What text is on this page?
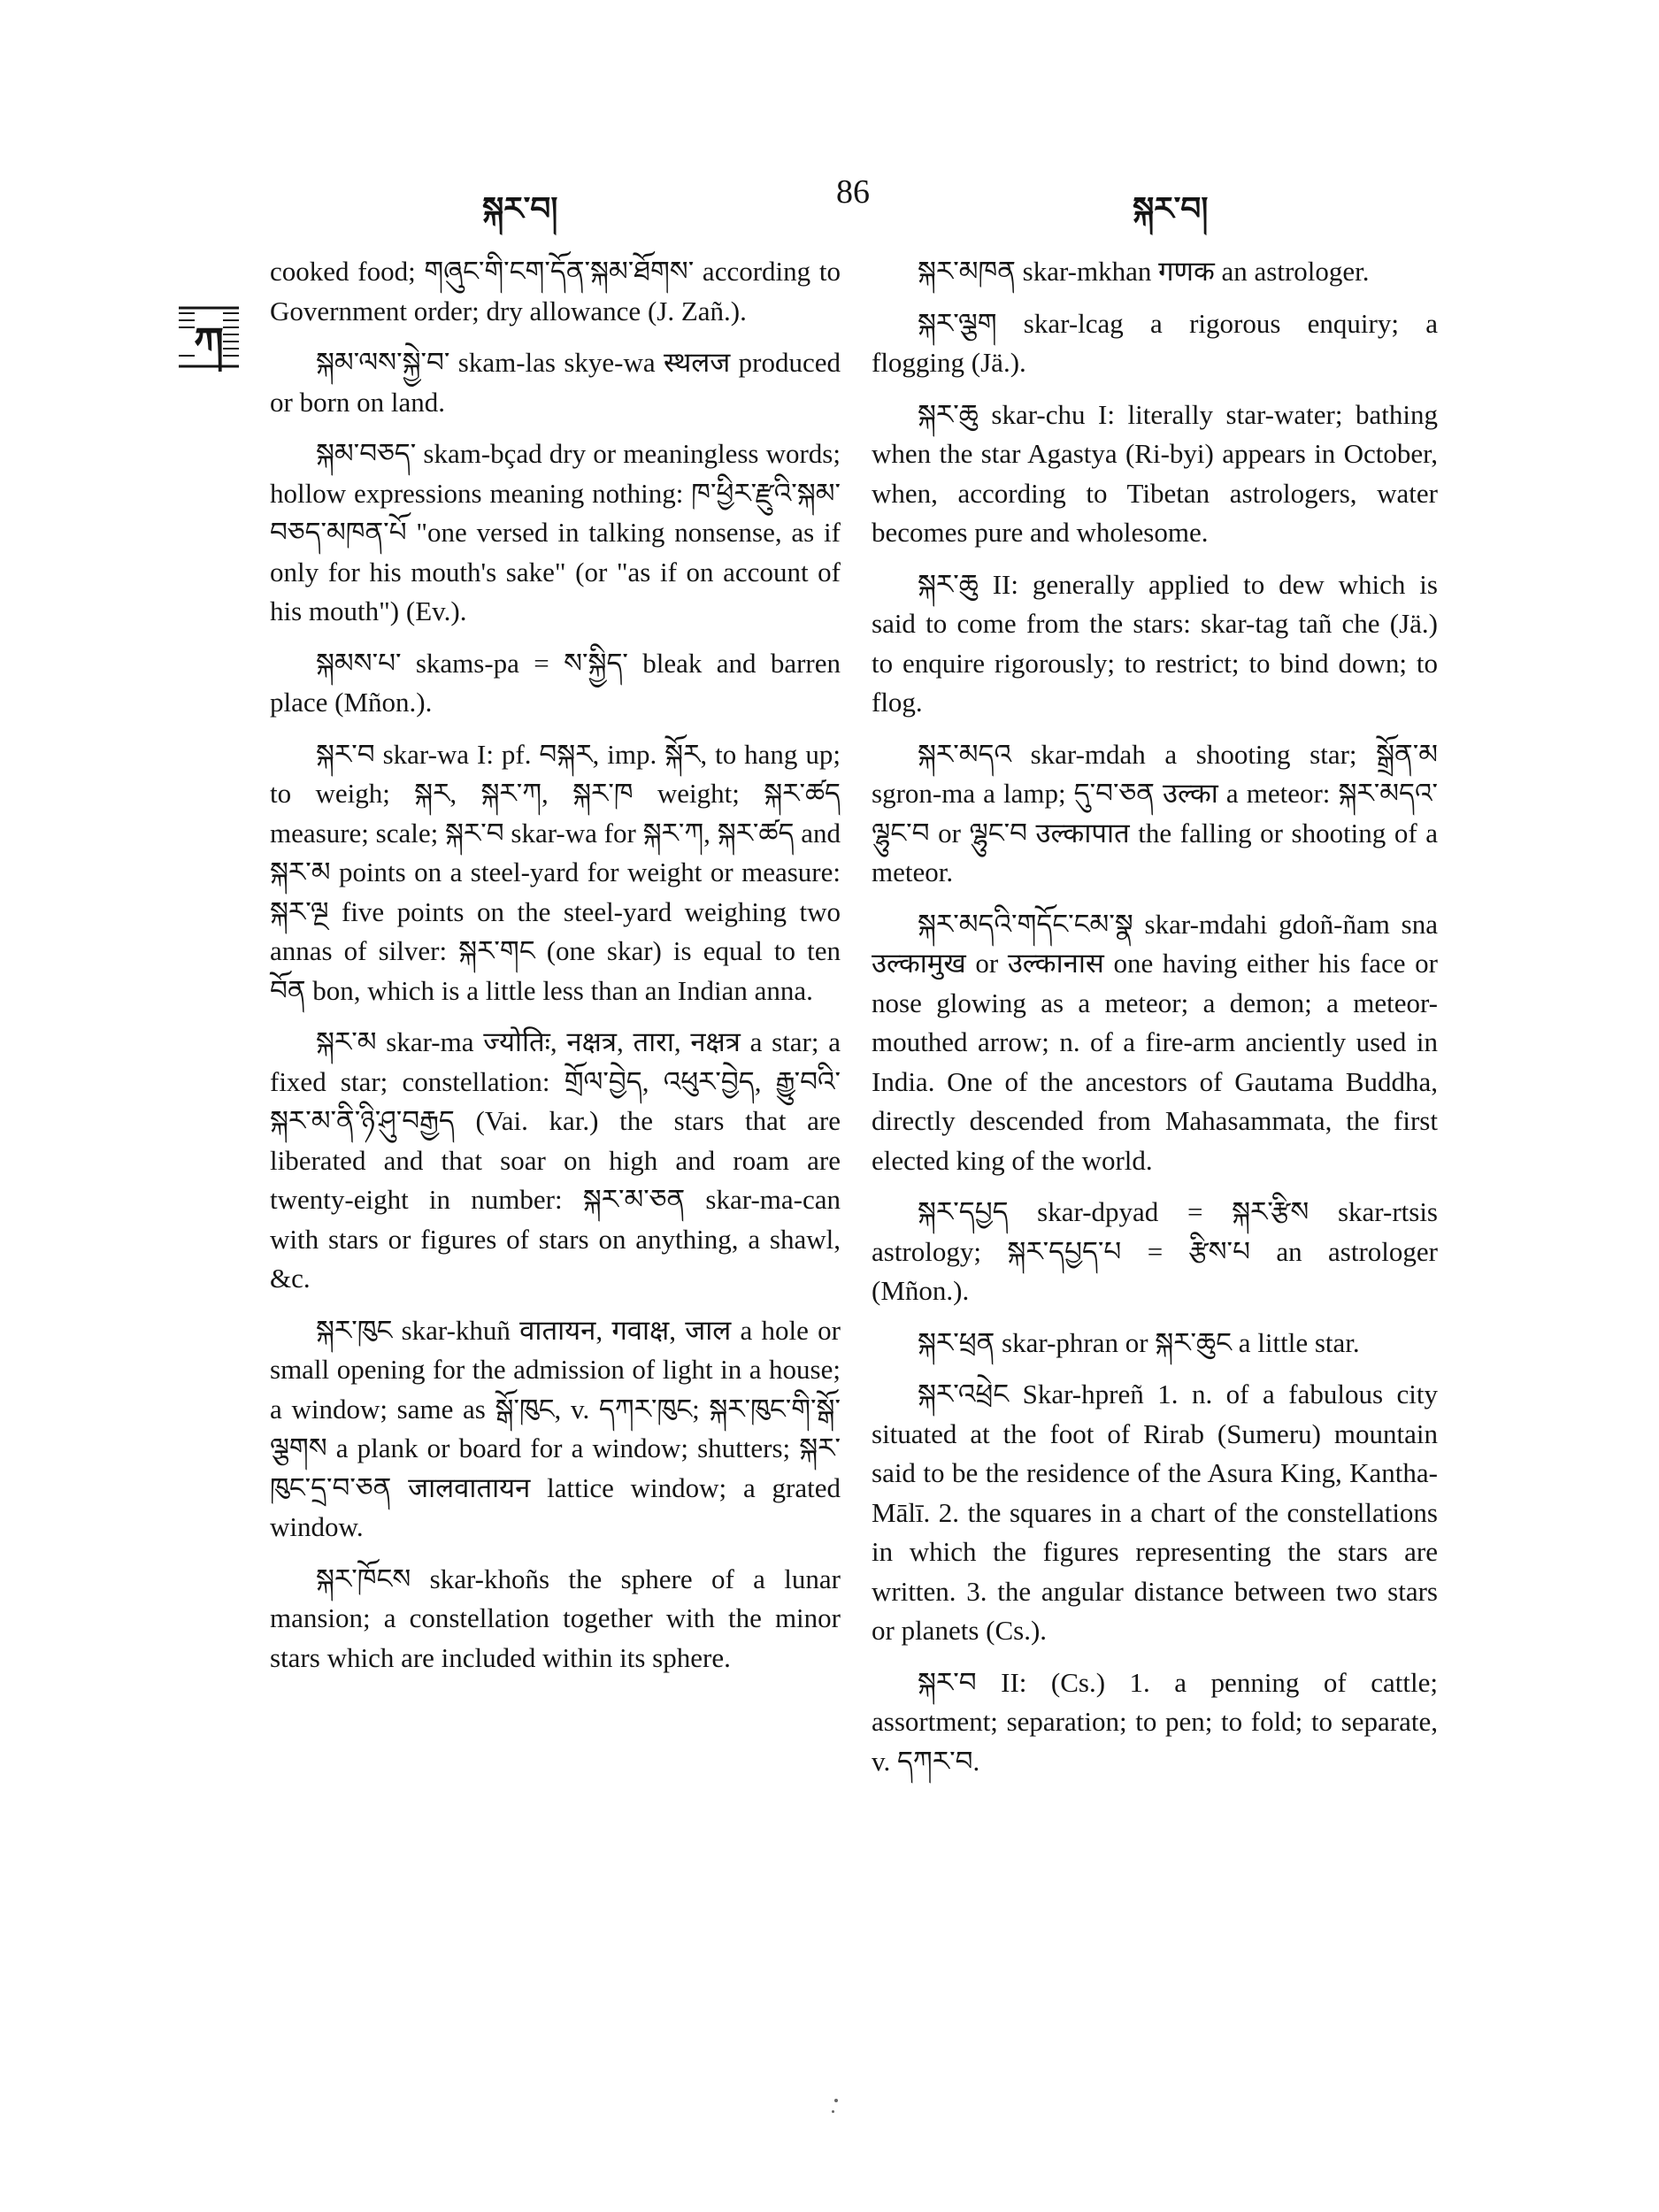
སྐར་བ།	86	སྐར་བ།
ཀ

cooked food; གཞུང་གི་ངག་དོན་སྐམ་ཐོགས་ according to Government order; dry allowance (J. Zañ.).

སྐམ་ལས་སྐྱེ་བ་ skam-las skye-wa स्थलज produced or born on land.

སྐམ་བཅད་ skam-bçad dry or meaningless words; hollow expressions meaning nothing: ཁ་ཕྱིར་རྫུའི་སྐམ་བཅད་མཁན་པོ "one versed in talking nonsense, as if only for his mouth's sake" (or "as if on account of his mouth") (Ev.).

སྐམས་པ་ skams-pa = ས་སྐྱིད་ bleak and barren place (Mñon.).

སྐར་བ skar-wa I: pf. བསྐར, imp. སྐོར, to hang up; to weigh; སྐར, སྐར་ཀ, སྐར་ཁ weight; སྐར་ཚད measure; scale; སྐར་བ skar-wa for སྐར་ཀ, སྐར་ཚད and སྐར་མ points on a steel-yard for weight or measure: སྐར་ལྔ five points on the steel-yard weighing two annas of silver: སྐར་གང (one skar) is equal to ten བོན bon, which is a little less than an Indian anna.

སྐར་མ skar-ma ज्योतिः, नक्षत्र, तारा, नक्षत्र a star; a fixed star; constellation: གྲོལ་བྱེད, འཕུར་བྱེད, རྒྱུ་བའི་སྐར་མ་ནི་ཉི་ཤུ་བརྒྱད (Vai. kar.) the stars that are liberated and that soar on high and roam are twenty-eight in number: སྐར་མ་ཅན skar-ma-can with stars or figures of stars on anything, a shawl, &c.

སྐར་ཁུང skar-khuñ वातायन, गवाक्ष, जाल a hole or small opening for the admission of light in a house; a window; same as སྒོ་ཁུང, v. དཀར་ཁུང; སྐར་ཁུང་གི་སྒོ་ལྕགས a plank or board for a window; shutters; སྐར་ཁུང་དྲ་བ་ཅན जालवातायन lattice window; a grated window.

སྐར་ཁོངས skar-khoñs the sphere of a lunar mansion; a constellation together with the minor stars which are included within its sphere.

སྐར་མཁན skar-mkhan गणक an astrologer.

སྐར་ལྕག skar-lcag a rigorous enquiry; a flogging (Jä.).

སྐར་ཆུ skar-chu I: literally star-water; bathing when the star Agastya (Ri-byi) appears in October, when, according to Tibetan astrologers, water becomes pure and wholesome.

སྐར་ཆུ II: generally applied to dew which is said to come from the stars: skar-tag tañ che (Jä.) to enquire rigorously; to restrict; to bind down; to flog.

སྐར་མདའ skar-mdah a shooting star; སྒྲོན་མ sgron-ma a lamp; དུ་བ་ཅན उल्का a meteor: སྐར་མདའ་ལྷུང་བ or ལྷུང་བ उल्कापात the falling or shooting of a meteor.

སྐར་མདའི་གདོང་ངམ་སྣ skar-mdahi gdoñ-ñam sna उल्कामुख or उल्कानास one having either his face or nose glowing as a meteor; a demon; a meteor-mouthed arrow; n. of a fire-arm anciently used in India. One of the ancestors of Gautama Buddha, directly descended from Mahasammata, the first elected king of the world.

སྐར་དཔྱད skar-dpyad = སྐར་རྩིས skar-rtsis astrology; སྐར་དཔྱད་པ = རྩིས་པ an astrologer (Mñon.).

སྐར་ཕྲན skar-phran or སྐར་ཆུང a little star.

སྐར་འཕྲེང Skar-hpreñ 1. n. of a fabulous city situated at the foot of Rirab (Sumeru) mountain said to be the residence of the Asura King, Kantha-Mālī. 2. the squares in a chart of the constellations in which the figures representing the stars are written. 3. the angular distance between two stars or planets (Cs.).

སྐར་བ II: (Cs.) 1. a penning of cattle; assortment; separation; to pen; to fold; to separate, v. དཀར་བ.
